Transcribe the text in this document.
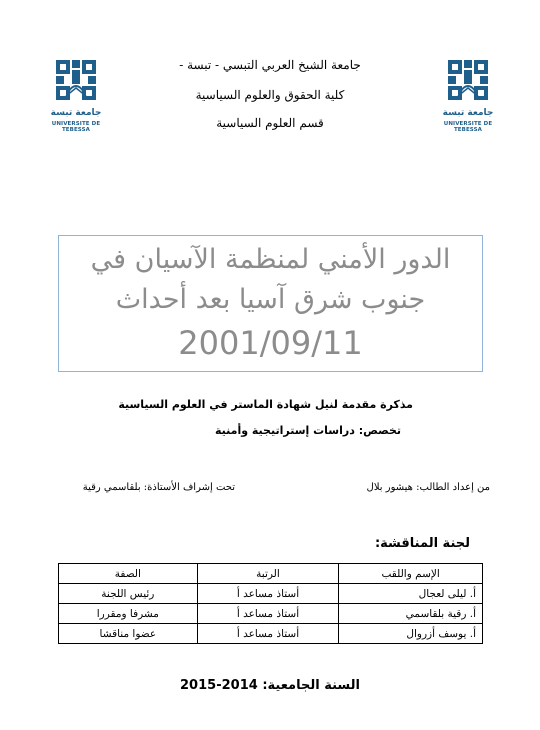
جامعة تبسة
UNIVERSITE DE TEBESSA
جامعة تبسة
UNIVERSITE DE TEBESSA
جامعة الشيخ العربي التبسي - تبسة -
كلية الحقوق والعلوم السياسية
قسم العلوم السياسية
الدور الأمني لمنظمة الآسيان في
جنوب شرق آسيا بعد أحداث
2001/09/11
مذكرة مقدمة لنيل شهادة الماستر في العلوم السياسية
تخصص: دراسات إستراتيجية وأمنية
من إعداد الطالب: هيشور بلال
تحت إشراف الأستاذة: بلقاسمي رقية
لجنة المناقشة:
الإسم واللقب	الرتبة	الصفة
أ. ليلى لعجال	أستاذ مساعد أ	رئيس اللجنة
أ. رقية بلقاسمي	أستاذ مساعد أ	مشرفا ومقررا
أ. يوسف أزروال	أستاذ مساعد أ	عضوا مناقشا
السنة الجامعية: 2014-2015
